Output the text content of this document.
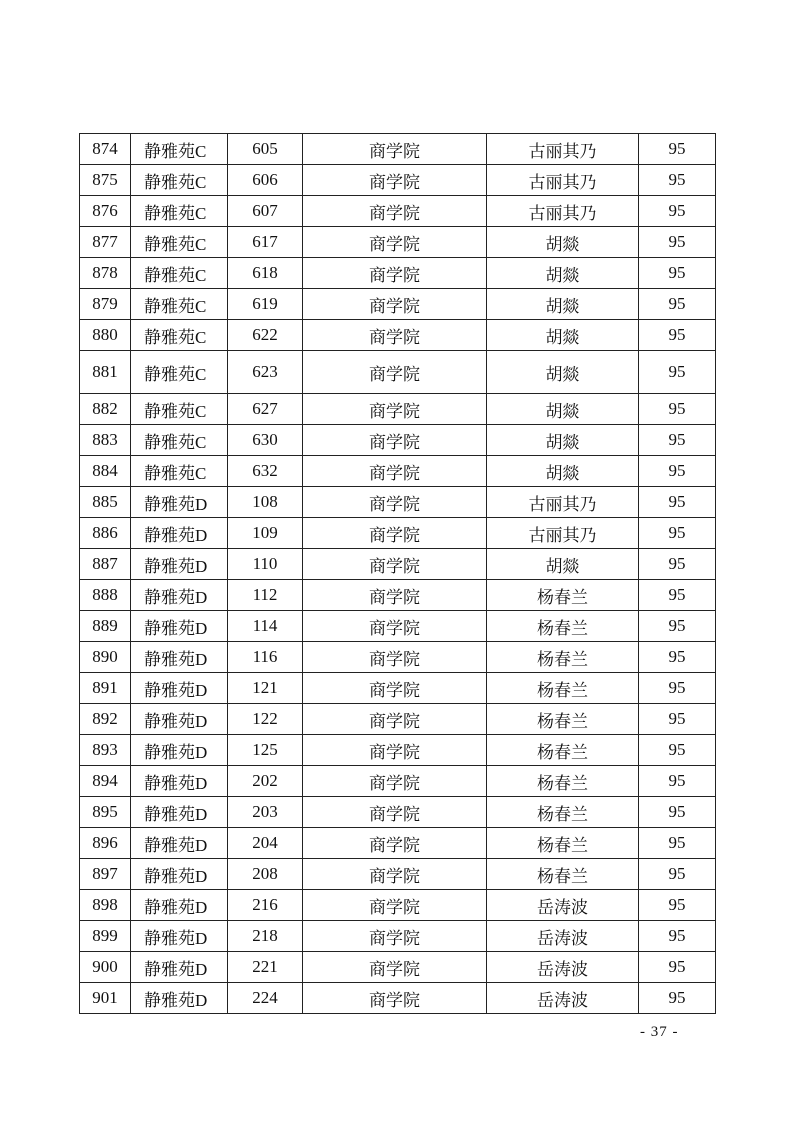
874	静雅苑C	605	商学院	古丽其乃	95
875	静雅苑C	606	商学院	古丽其乃	95
876	静雅苑C	607	商学院	古丽其乃	95
877	静雅苑C	617	商学院	胡燚	95
878	静雅苑C	618	商学院	胡燚	95
879	静雅苑C	619	商学院	胡燚	95
880	静雅苑C	622	商学院	胡燚	95
881	静雅苑C	623	商学院	胡燚	95
882	静雅苑C	627	商学院	胡燚	95
883	静雅苑C	630	商学院	胡燚	95
884	静雅苑C	632	商学院	胡燚	95
885	静雅苑D	108	商学院	古丽其乃	95
886	静雅苑D	109	商学院	古丽其乃	95
887	静雅苑D	110	商学院	胡燚	95
888	静雅苑D	112	商学院	杨春兰	95
889	静雅苑D	114	商学院	杨春兰	95
890	静雅苑D	116	商学院	杨春兰	95
891	静雅苑D	121	商学院	杨春兰	95
892	静雅苑D	122	商学院	杨春兰	95
893	静雅苑D	125	商学院	杨春兰	95
894	静雅苑D	202	商学院	杨春兰	95
895	静雅苑D	203	商学院	杨春兰	95
896	静雅苑D	204	商学院	杨春兰	95
897	静雅苑D	208	商学院	杨春兰	95
898	静雅苑D	216	商学院	岳涛波	95
899	静雅苑D	218	商学院	岳涛波	95
900	静雅苑D	221	商学院	岳涛波	95
901	静雅苑D	224	商学院	岳涛波	95
- 37 -
